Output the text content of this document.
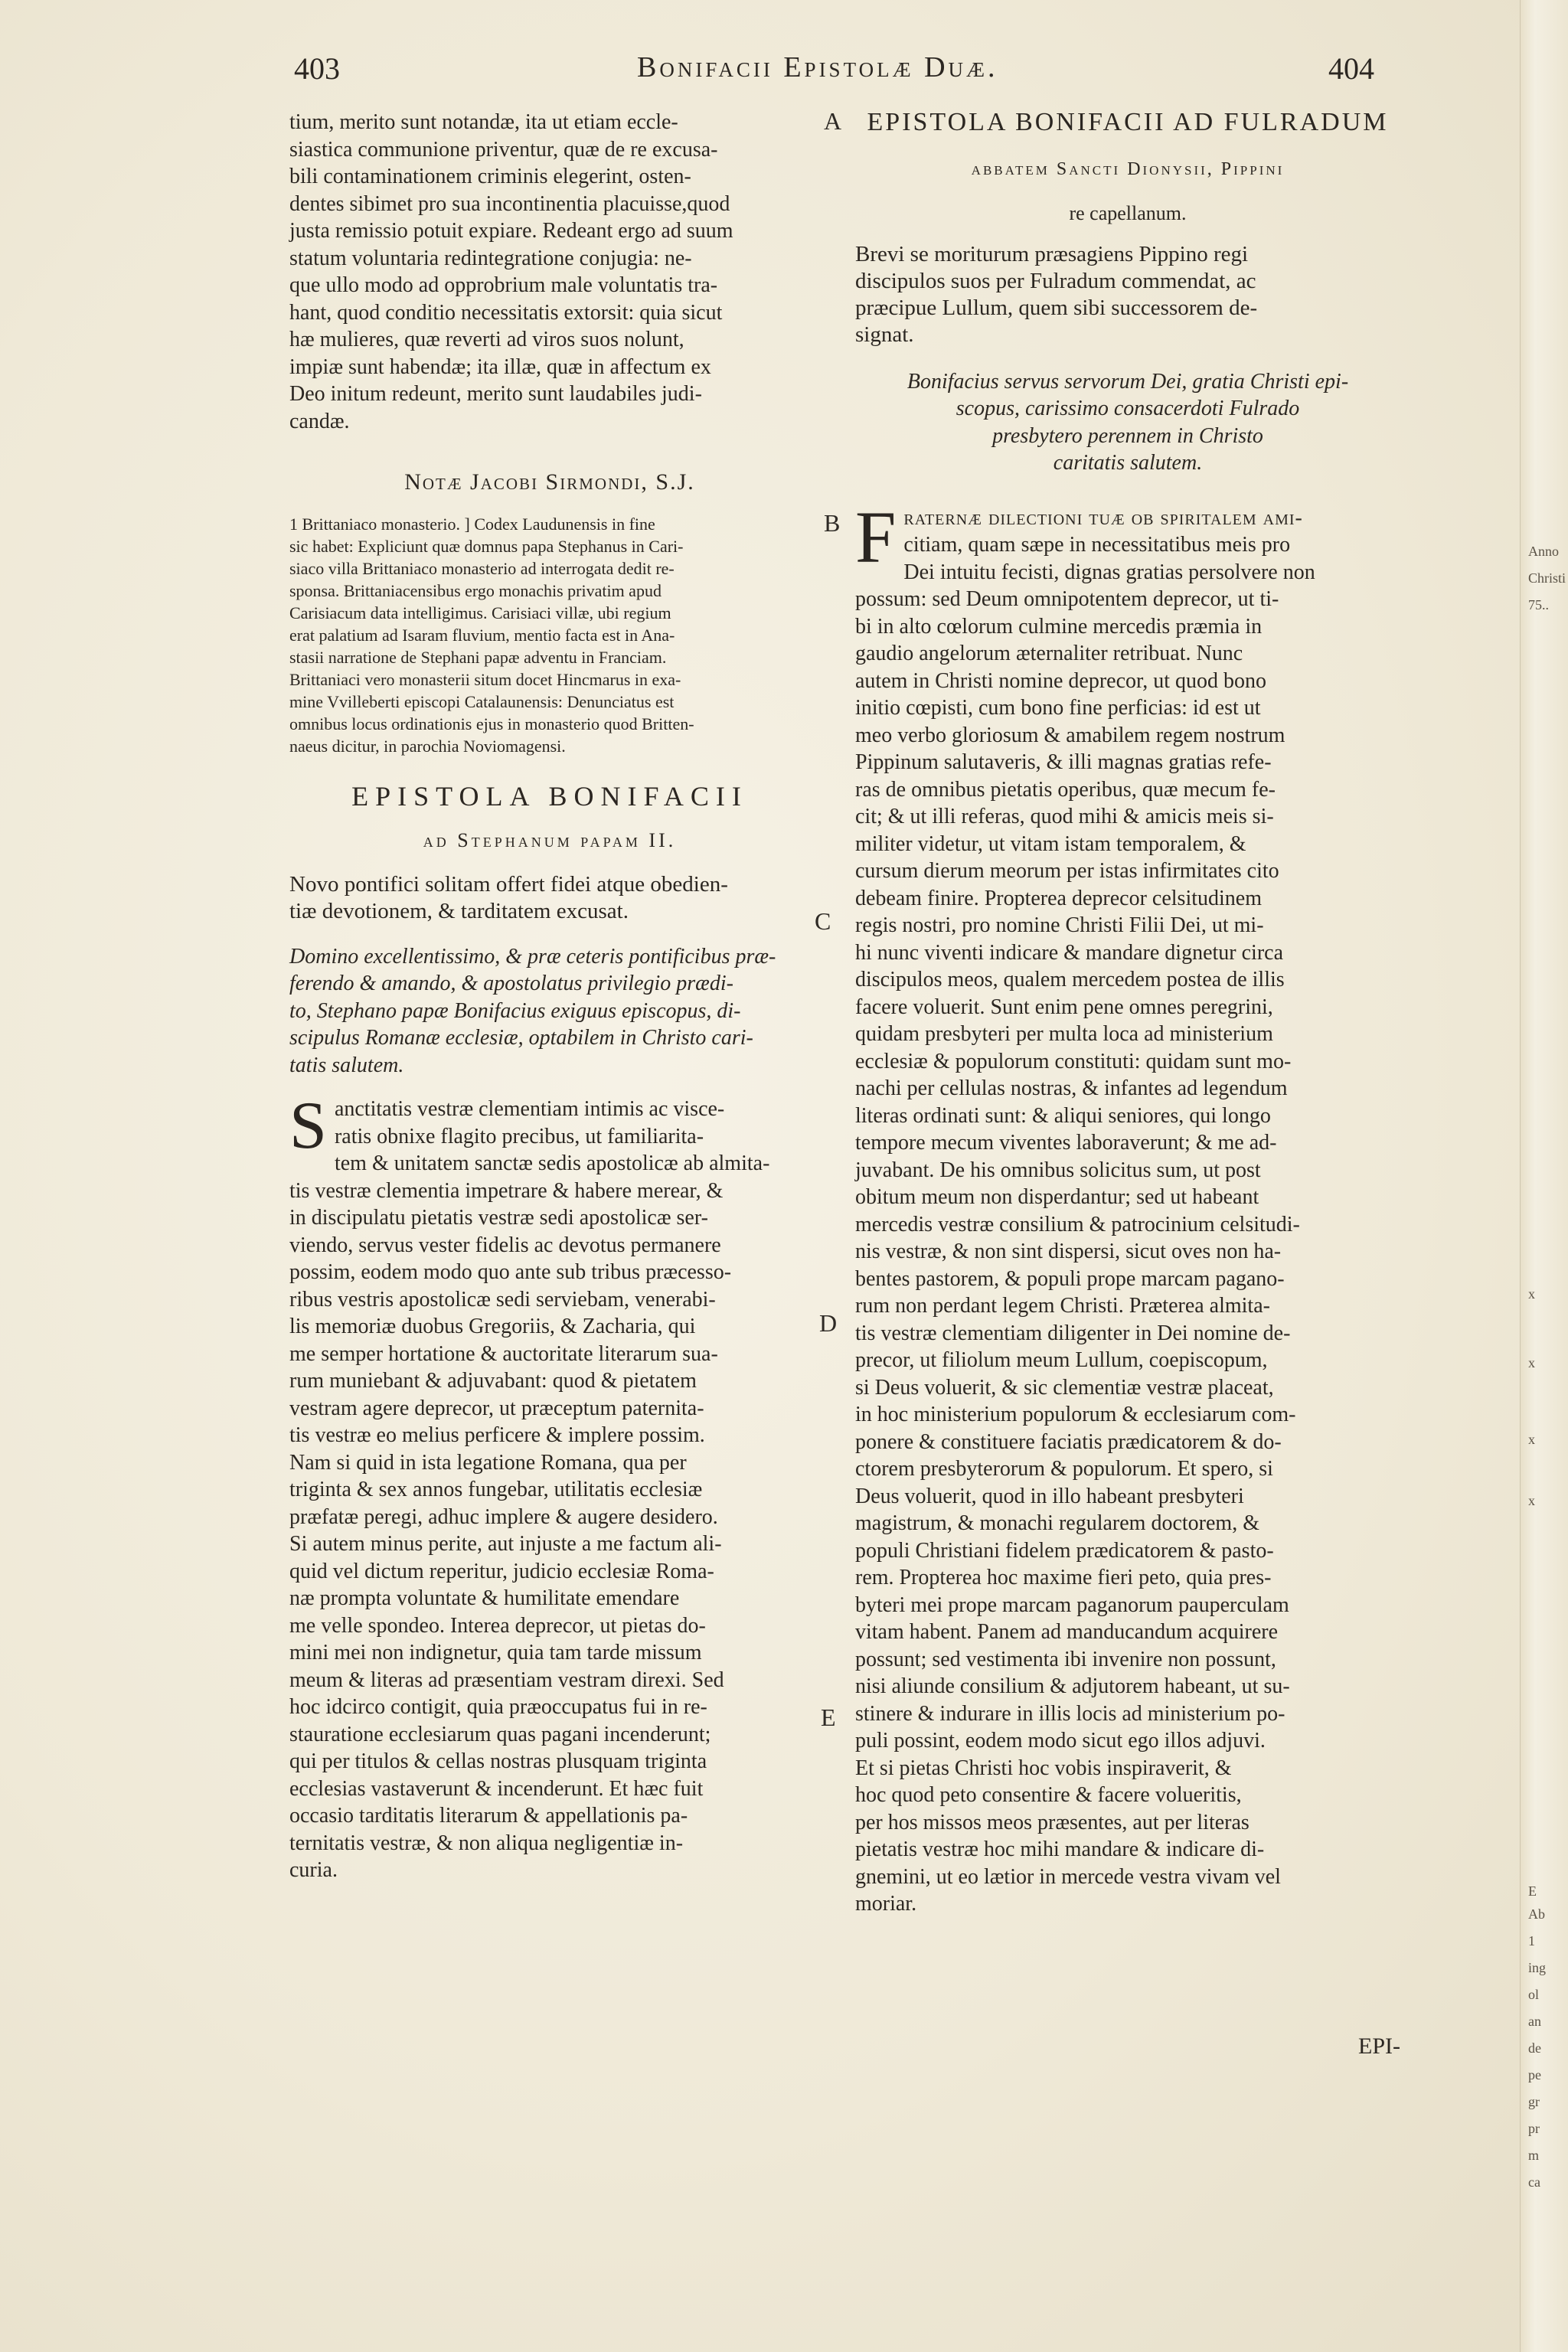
403	Bonifacii Epistolæ Duæ.	404
A
B
C
D
E

tium, merito sunt notandæ, ita ut etiam eccle-

siastica communione priventur, quæ de re excusa-

bili contaminationem criminis elegerint, osten-

dentes sibimet pro sua incontinentia placuisse,quod

justa remissio potuit expiare. Redeant ergo ad suum

statum voluntaria redintegratione conjugia: ne-

que ullo modo ad opprobrium male voluntatis tra-

hant, quod conditio necessitatis extorsit: quia sicut

hæ mulieres, quæ reverti ad viros suos nolunt,

impiæ sunt habendæ; ita illæ, quæ in affectum ex

Deo initum redeunt, merito sunt laudabiles judi-

candæ.

Notæ Jacobi Sirmondi, S.J.

1 Brittaniaco monasterio. ] Codex Laudunensis in fine

sic habet: Expliciunt quæ domnus papa Stephanus in Cari-

siaco villa Brittaniaco monasterio ad interrogata dedit re-

sponsa. Brittaniacensibus ergo monachis privatim apud

Carisiacum data intelligimus. Carisiaci villæ, ubi regium

erat palatium ad Isaram fluvium, mentio facta est in Ana-

stasii narratione de Stephani papæ adventu in Franciam.

Brittaniaci vero monasterii situm docet Hincmarus in exa-

mine Vvilleberti episcopi Catalaunensis: Denunciatus est

omnibus locus ordinationis ejus in monasterio quod Britten-

naeus dicitur, in parochia Noviomagensi.

EPISTOLA BONIFACII

ad Stephanum papam II.

Novo pontifici solitam offert fidei atque obedien-

tiæ devotionem, & tarditatem excusat.

Domino excellentissimo, & præ ceteris pontificibus præ-

ferendo & amando, & apostolatus privilegio prædi-

to, Stephano papæ Bonifacius exiguus episcopus, di-

scipulus Romanæ ecclesiæ, optabilem in Christo cari-

tatis salutem.

S anctitatis vestræ clementiam intimis ac visce-

ratis obnixe flagito precibus, ut familiarita-

tem & unitatem sanctæ sedis apostolicæ ab almita-

tis vestræ clementia impetrare & habere merear, &

in discipulatu pietatis vestræ sedi apostolicæ ser-

viendo, servus vester fidelis ac devotus permanere

possim, eodem modo quo ante sub tribus præcesso-

ribus vestris apostolicæ sedi serviebam, venerabi-

lis memoriæ duobus Gregoriis, & Zacharia, qui

me semper hortatione & auctoritate literarum sua-

rum muniebant & adjuvabant: quod & pietatem

vestram agere deprecor, ut præceptum paternita-

tis vestræ eo melius perficere & implere possim.

Nam si quid in ista legatione Romana, qua per

triginta & sex annos fungebar, utilitatis ecclesiæ

præfatæ peregi, adhuc implere & augere desidero.

Si autem minus perite, aut injuste a me factum ali-

quid vel dictum reperitur, judicio ecclesiæ Roma-

næ prompta voluntate & humilitate emendare

me velle spondeo. Interea deprecor, ut pietas do-

mini mei non indignetur, quia tam tarde missum

meum & literas ad præsentiam vestram direxi. Sed

hoc idcirco contigit, quia præoccupatus fui in re-

staurationе ecclesiarum quas pagani incenderunt;

qui per titulos & cellas nostras plusquam triginta

ecclesias vastaverunt & incenderunt. Et hæc fuit

occasio tarditatis literarum & appellationis pa-

ternitatis vestræ, & non aliqua negligentiæ in-

curia.

EPISTOLA BONIFACII AD FULRADUM

abbatem Sancti Dionysii, Pippini

re capellanum.

Brevi se moriturum præsagiens Pippino regi

discipulos suos per Fulradum commendat, ac

præcipue Lullum, quem sibi successorem de-

signat.

Bonifacius servus servorum Dei, gratia Christi epi-

scopus, carissimo consacerdoti Fulrado

presbytero perennem in Christo

caritatis salutem.

F raternæ dilectioni tuæ ob spiritalem ami-

citiam, quam sæpe in necessitatibus meis pro

Dei intuitu fecisti, dignas gratias persolvere non

possum: sed Deum omnipotentem deprecor, ut ti-

bi in alto cœlorum culmine mercedis præmia in

gaudio angelorum æternaliter retribuat. Nunc

autem in Christi nomine deprecor, ut quod bono

initio cœpisti, cum bono fine perficias: id est ut

meo verbo gloriosum & amabilem regem nostrum

Pippinum salutaveris, & illi magnas gratias refe-

ras de omnibus pietatis operibus, quæ mecum fe-

cit; & ut illi referas, quod mihi & amicis meis si-

militer videtur, ut vitam istam temporalem, &

cursum dierum meorum per istas infirmitates cito

debeam finire. Propterea deprecor celsitudinem

regis nostri, pro nomine Christi Filii Dei, ut mi-

hi nunc viventi indicare & mandare dignetur circa

discipulos meos, qualem mercedem postea de illis

facere voluerit. Sunt enim pene omnes peregrini,

quidam presbyteri per multa loca ad ministerium

ecclesiæ & populorum constituti: quidam sunt mo-

nachi per cellulas nostras, & infantes ad legendum

literas ordinati sunt: & aliqui seniores, qui longo

tempore mecum viventes laboraverunt; & me ad-

juvabant. De his omnibus solicitus sum, ut post

obitum meum non disperdantur; sed ut habeant

mercedis vestræ consilium & patrocinium celsitudi-

nis vestræ, & non sint dispersi, sicut oves non ha-

bentes pastorem, & populi prope marcam pagano-

rum non perdant legem Christi. Præterea almita-

tis vestræ clementiam diligenter in Dei nomine de-

precor, ut filiolum meum Lullum, coepiscopum,

si Deus voluerit, & sic clementiæ vestræ placeat,

in hoc ministerium populorum & ecclesiarum com-

ponere & constituere faciatis prædicatorem & do-

ctorem presbyterorum & populorum. Et spero, si

Deus voluerit, quod in illo habeant presbyteri

magistrum, & monachi regularem doctorem, &

populi Christiani fidelem prædicatorem & pasto-

rem. Propterea hoc maxime fieri peto, quia pres-

byteri mei prope marcam paganorum pauperculam

vitam habent. Panem ad manducandum acquirere

possunt; sed vestimenta ibi invenire non possunt,

nisi aliunde consilium & adjutorem habeant, ut su-

stinere & indurare in illis locis ad ministerium po-

puli possint, eodem modo sicut ego illos adjuvi.

Et si pietas Christi hoc vobis inspiraverit, &

hoc quod peto consentire & facere volueritis,

per hos missos meos præsentes, aut per literas

pietatis vestræ hoc mihi mandare & indicare di-

gnemini, ut eo lætior in mercede vestra vivam vel

moriar.

EPI-

Anno
Christi
75..
x
x
x
x
E
Ab
1
ing
ol
an
de
pe
gr
pr
m
ca
